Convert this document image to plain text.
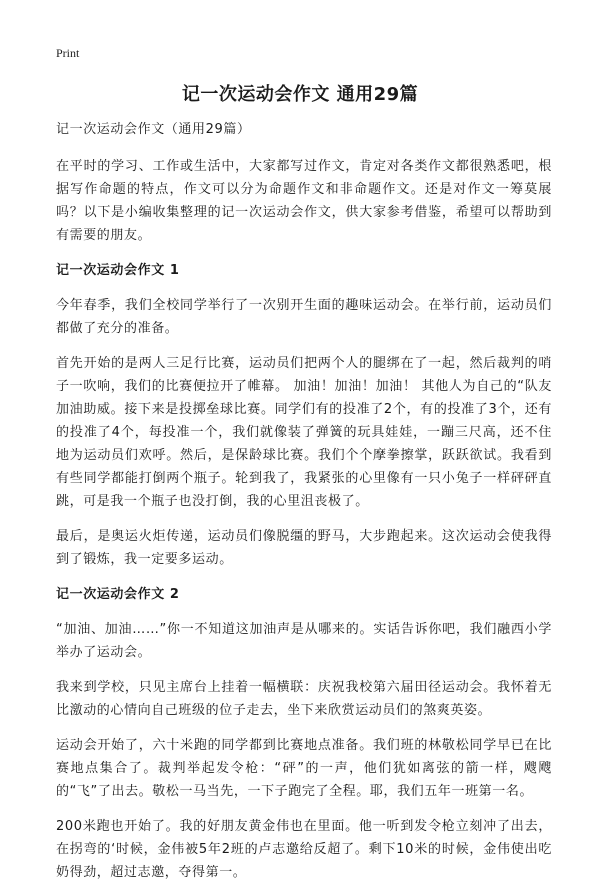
Print
记一次运动会作文 通用29篇

记一次运动会作文（通用29篇）

在平时的学习、工作或生活中，大家都写过作文，肯定对各类作文都很熟悉吧，根据写作命题的特点，作文可以分为命题作文和非命题作文。还是对作文一筹莫展吗？以下是小编收集整理的记一次运动会作文，供大家参考借鉴，希望可以帮助到有需要的朋友。

记一次运动会作文 1

今年春季，我们全校同学举行了一次别开生面的趣味运动会。在举行前，运动员们都做了充分的准备。

首先开始的是两人三足行比赛，运动员们把两个人的腿绑在了一起，然后裁判的哨子一吹响，我们的比赛便拉开了帷幕。 加油！加油！加油！ 其他人为自己的“队友加油助威。接下来是投掷垒球比赛。同学们有的投准了2个，有的投准了3个，还有的投准了4个，每投准一个，我们就像装了弹簧的玩具娃娃，一蹦三尺高，还不住地为运动员们欢呼。然后，是保龄球比赛。我们个个摩拳擦掌，跃跃欲试。我看到有些同学都能打倒两个瓶子。轮到我了，我紧张的心里像有一只小兔子一样砰砰直跳，可是我一个瓶子也没打倒，我的心里沮丧极了。

最后，是奥运火炬传递，运动员们像脱缰的野马，大步跑起来。这次运动会使我得到了锻炼，我一定要多运动。

记一次运动会作文 2

“加油、加油……”你一不知道这加油声是从哪来的。实话告诉你吧，我们融西小学举办了运动会。

我来到学校，只见主席台上挂着一幅横联：庆祝我校第六届田径运动会。我怀着无比激动的心情向自己班级的位子走去，坐下来欣赏运动员们的煞爽英姿。

运动会开始了，六十米跑的同学都到比赛地点准备。我们班的林敬松同学早已在比赛地点集合了。裁判举起发令枪：“砰”的一声，他们犹如离弦的箭一样，飕飕的“飞”了出去。敬松一马当先，一下子跑完了全程。耶，我们五年一班第一名。

200米跑也开始了。我的好朋友黄金伟也在里面。他一听到发令枪立刻冲了出去，在拐弯的‘时候，金伟被5年2班的卢志邀给反超了。剩下10米的时候，金伟使出吃奶得劲，超过志邀，夺得第一。
